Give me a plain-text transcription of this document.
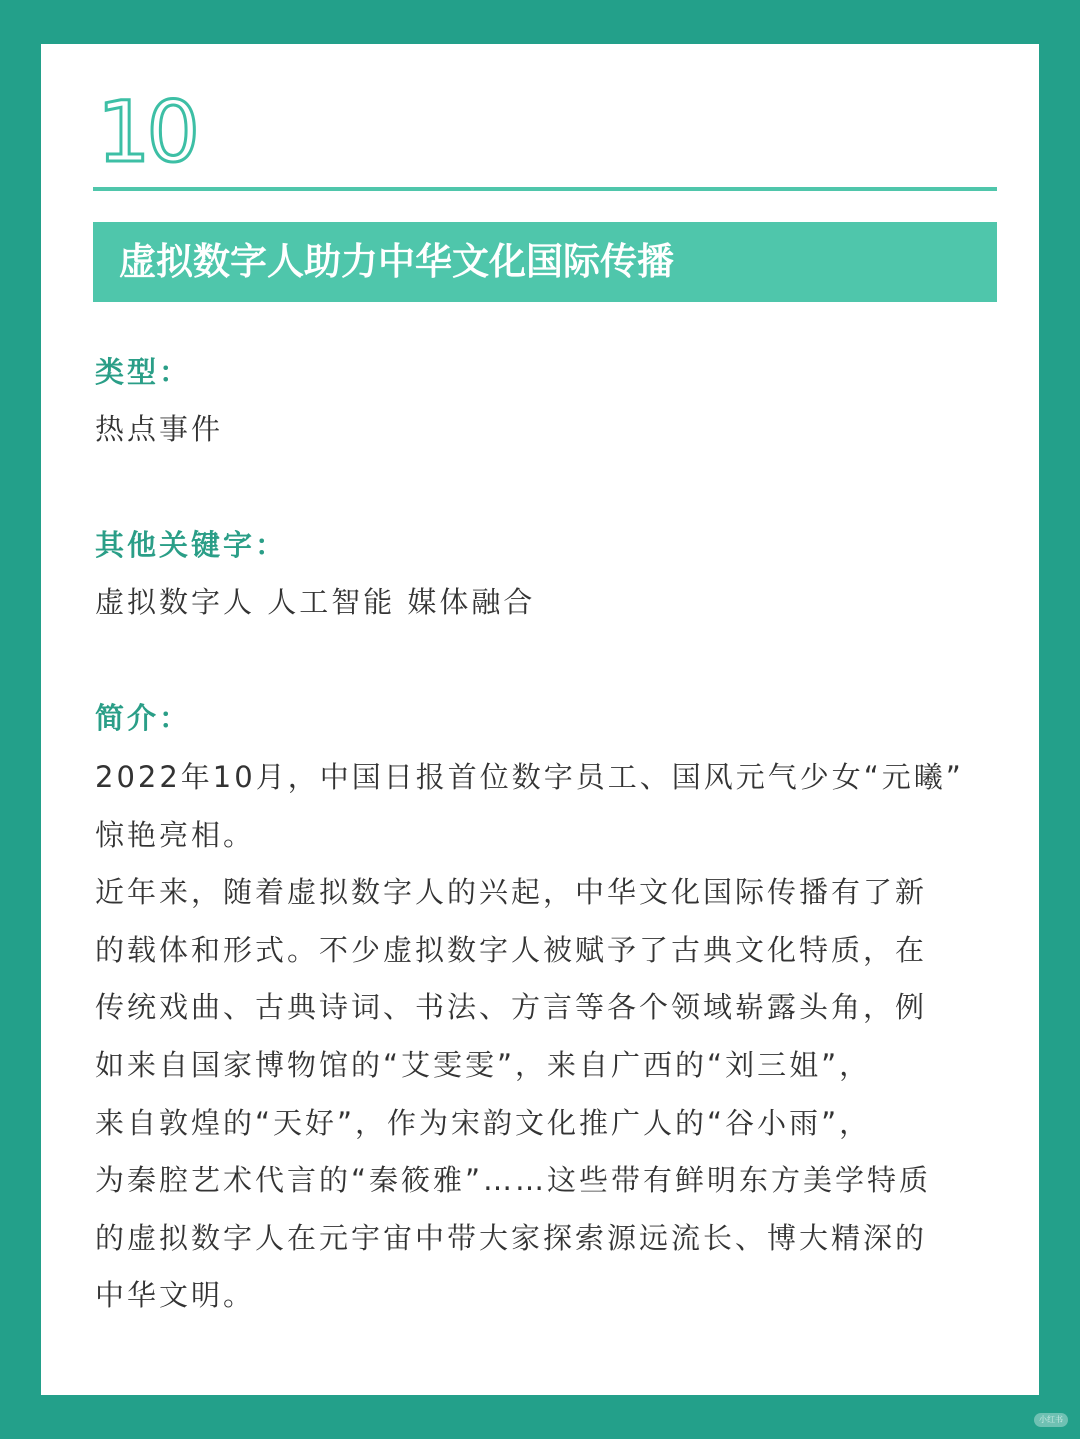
10
虚拟数字人助力中华文化国际传播
类型：
热点事件
其他关键字：
虚拟数字人 人工智能 媒体融合
简介：

2022年10月，中国日报首位数字员工、国风元气少女“元曦”

惊艳亮相。

近年来，随着虚拟数字人的兴起，中华文化国际传播有了新

的载体和形式。不少虚拟数字人被赋予了古典文化特质，在

传统戏曲、古典诗词、书法、方言等各个领域崭露头角，例

如来自国家博物馆的“艾雯雯”，来自广西的“刘三姐”，

来自敦煌的“天好”，作为宋韵文化推广人的“谷小雨”，

为秦腔艺术代言的“秦筱雅”……这些带有鲜明东方美学特质

的虚拟数字人在元宇宙中带大家探索源远流长、博大精深的

中华文明。

小红书
